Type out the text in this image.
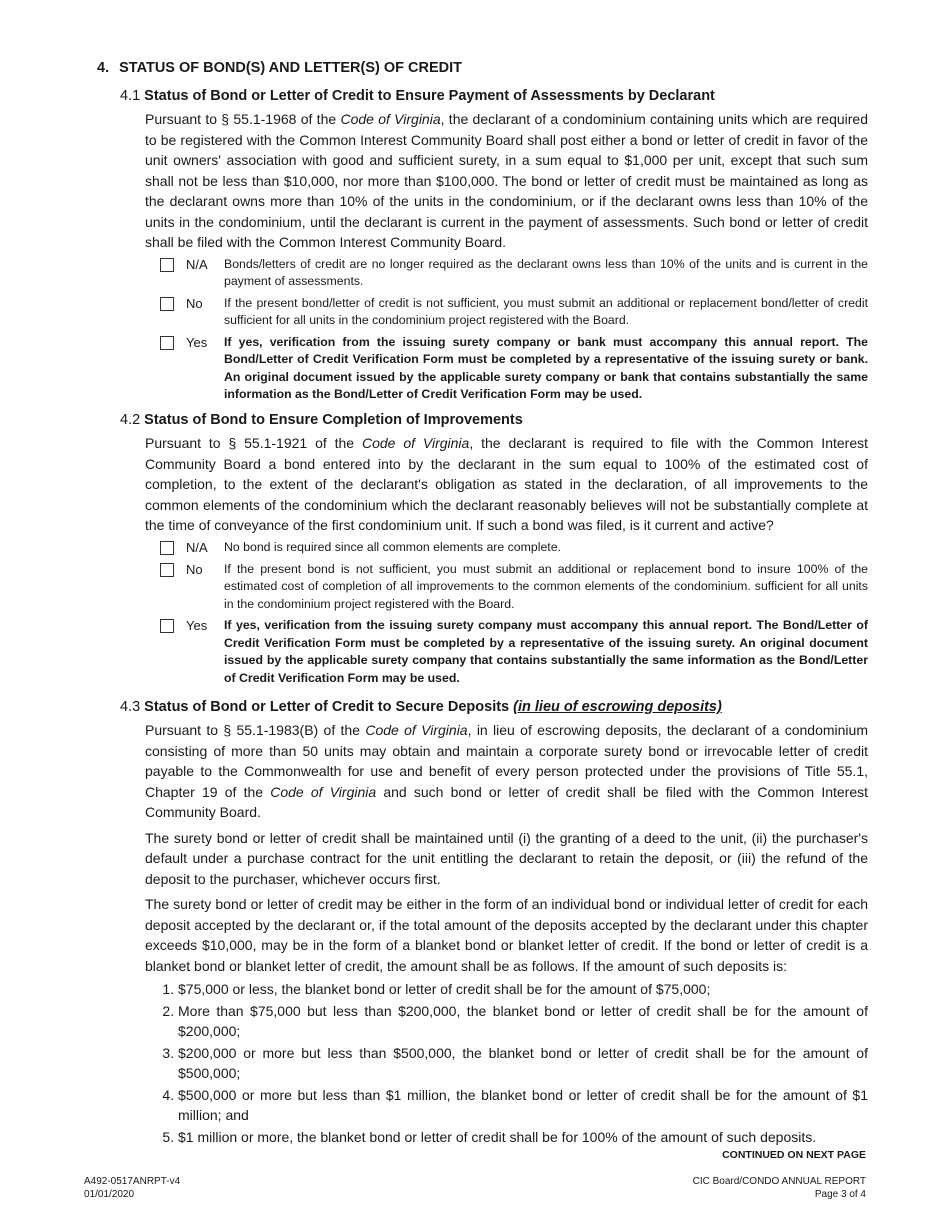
4. STATUS OF BOND(S) AND LETTER(S) OF CREDIT
4.1 Status of Bond or Letter of Credit to Ensure Payment of Assessments by Declarant

Pursuant to § 55.1-1968 of the Code of Virginia, the declarant of a condominium containing units which are required to be registered with the Common Interest Community Board shall post either a bond or letter of credit in favor of the unit owners' association with good and sufficient surety, in a sum equal to $1,000 per unit, except that such sum shall not be less than $10,000, nor more than $100,000. The bond or letter of credit must be maintained as long as the declarant owns more than 10% of the units in the condominium, or if the declarant owns less than 10% of the units in the condominium, until the declarant is current in the payment of assessments. Such bond or letter of credit shall be filed with the Common Interest Community Board.

N/A	Bonds/letters of credit are no longer required as the declarant owns less than 10% of the units and is current in the payment of assessments.
No	If the present bond/letter of credit is not sufficient, you must submit an additional or replacement bond/letter of credit sufficient for all units in the condominium project registered with the Board.
Yes	If yes, verification from the issuing surety company or bank must accompany this annual report. The Bond/Letter of Credit Verification Form must be completed by a representative of the issuing surety or bank. An original document issued by the applicable surety company or bank that contains substantially the same information as the Bond/Letter of Credit Verification Form may be used.
4.2 Status of Bond to Ensure Completion of Improvements

Pursuant to § 55.1-1921 of the Code of Virginia, the declarant is required to file with the Common Interest Community Board a bond entered into by the declarant in the sum equal to 100% of the estimated cost of completion, to the extent of the declarant's obligation as stated in the declaration, of all improvements to the common elements of the condominium which the declarant reasonably believes will not be substantially complete at the time of conveyance of the first condominium unit. If such a bond was filed, is it current and active?

N/A	No bond is required since all common elements are complete.
No	If the present bond is not sufficient, you must submit an additional or replacement bond to insure 100% of the estimated cost of completion of all improvements to the common elements of the condominium. sufficient for all units in the condominium project registered with the Board.
Yes	If yes, verification from the issuing surety company must accompany this annual report. The Bond/Letter of Credit Verification Form must be completed by a representative of the issuing surety. An original document issued by the applicable surety company that contains substantially the same information as the Bond/Letter of Credit Verification Form may be used.
4.3 Status of Bond or Letter of Credit to Secure Deposits (in lieu of escrowing deposits)

Pursuant to § 55.1-1983(B) of the Code of Virginia, in lieu of escrowing deposits, the declarant of a condominium consisting of more than 50 units may obtain and maintain a corporate surety bond or irrevocable letter of credit payable to the Commonwealth for use and benefit of every person protected under the provisions of Title 55.1, Chapter 19 of the Code of Virginia and such bond or letter of credit shall be filed with the Common Interest Community Board.

The surety bond or letter of credit shall be maintained until (i) the granting of a deed to the unit, (ii) the purchaser's default under a purchase contract for the unit entitling the declarant to retain the deposit, or (iii) the refund of the deposit to the purchaser, whichever occurs first.

The surety bond or letter of credit may be either in the form of an individual bond or individual letter of credit for each deposit accepted by the declarant or, if the total amount of the deposits accepted by the declarant under this chapter exceeds $10,000, may be in the form of a blanket bond or blanket letter of credit. If the bond or letter of credit is a blanket bond or blanket letter of credit, the amount shall be as follows. If the amount of such deposits is:

1. $75,000 or less, the blanket bond or letter of credit shall be for the amount of $75,000;
2. More than $75,000 but less than $200,000, the blanket bond or letter of credit shall be for the amount of $200,000;
3. $200,000 or more but less than $500,000, the blanket bond or letter of credit shall be for the amount of $500,000;
4. $500,000 or more but less than $1 million, the blanket bond or letter of credit shall be for the amount of $1 million; and
5. $1 million or more, the blanket bond or letter of credit shall be for 100% of the amount of such deposits.
CONTINUED ON NEXT PAGE
A492-0517ANRPT-v4
01/01/2020
CIC Board/CONDO ANNUAL REPORT
Page 3 of 4
